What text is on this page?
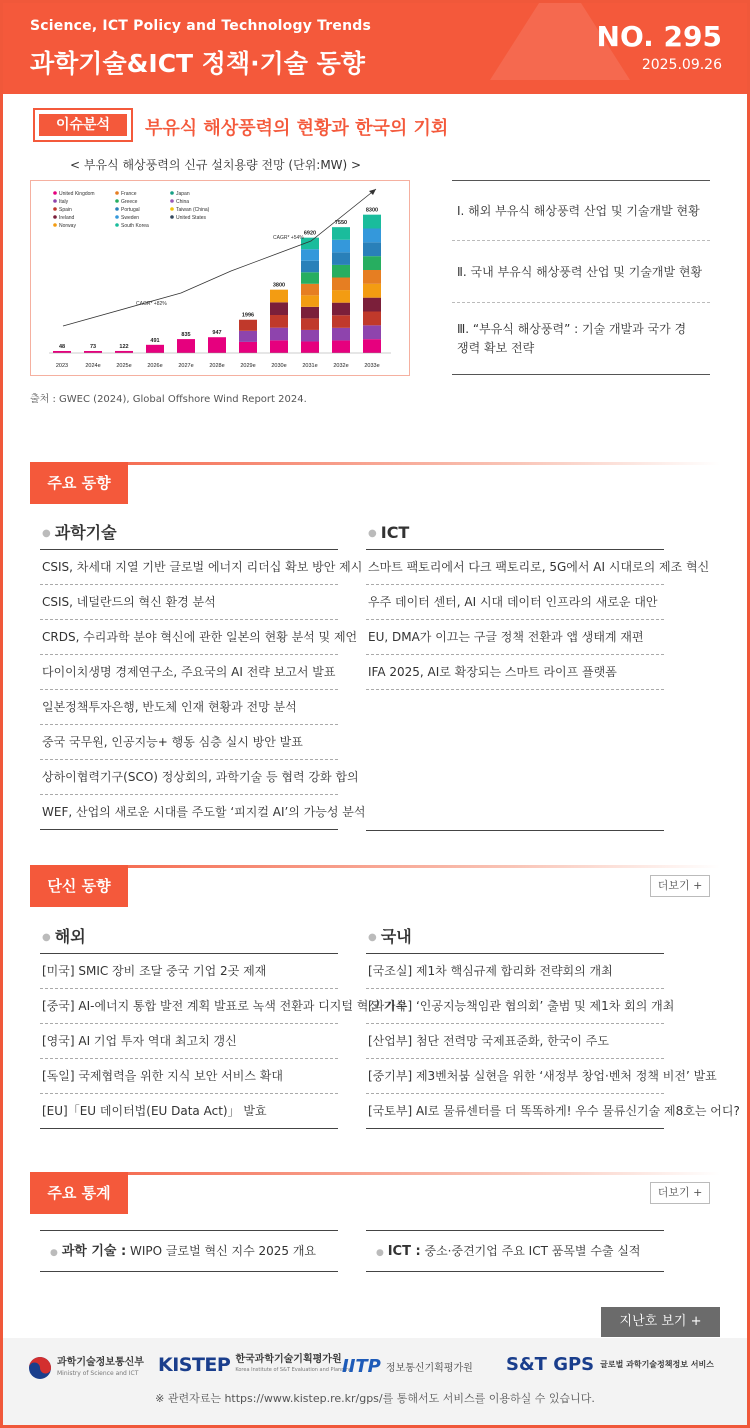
Science, ICT Policy and Technology Trends
과학기술&ICT 정책·기술 동향
NO. 295
2025.09.26
이슈분석	부유식 해상풍력의 현황과 한국의 기회
< 부유식 해상풍력의 신규 설치용량 전망 (단위:MW) >
United Kingdom
Italy
Spain
Ireland
Norway
France
Greece
Portugal
Sweden
South Korea
Japan
China
Taiwan (China)
United States
48
2023
73
2024e
122
2025e
491
2026e
835
2027e
947
2028e
1996
2029e
3800
2030e
6920
2031e
7550
2032e
8300
2033e
CAGR* +82%
CAGR* +54%
출처 : GWEC (2024), Global Offshore Wind Report 2024.
Ⅰ. 해외 부유식 해상풍력 산업 및 기술개발 현황
Ⅱ. 국내 부유식 해상풍력 산업 및 기술개발 현황
Ⅲ. “부유식 해상풍력” : 기술 개발과 국가 경쟁력 확보 전략
주요 동향
● 과학기술
CSIS, 차세대 지열 기반 글로벌 에너지 리더십 확보 방안 제시
CSIS, 네덜란드의 혁신 환경 분석
CRDS, 수리과학 분야 혁신에 관한 일본의 현황 분석 및 제언
다이이치생명 경제연구소, 주요국의 AI 전략 보고서 발표
일본정책투자은행, 반도체 인재 현황과 전망 분석
중국 국무원, 인공지능+ 행동 심층 실시 방안 발표
상하이협력기구(SCO) 정상회의, 과학기술 등 협력 강화 합의
WEF, 산업의 새로운 시대를 주도할 ‘피지컬 AI’의 가능성 분석
● ICT
스마트 팩토리에서 다크 팩토리로, 5G에서 AI 시대로의 제조 혁신
우주 데이터 센터, AI 시대 데이터 인프라의 새로운 대안
EU, DMA가 이끄는 구글 정책 전환과 앱 생태계 재편
IFA 2025, AI로 확장되는 스마트 라이프 플랫폼
단신 동향	더보기 +
● 해외
[미국] SMIC 장비 조달 중국 기업 2곳 제재
[중국] AI-에너지 통합 발전 계획 발표로 녹색 전환과 디지털 혁신 가속
[영국] AI 기업 투자 역대 최고치 갱신
[독일] 국제협력을 위한 지식 보안 서비스 확대
[EU]「EU 데이터법(EU Data Act)」 발효
● 국내
[국조실] 제1차 핵심규제 합리화 전략회의 개최
[과기부] ‘인공지능책임관 협의회’ 출범 및 제1차 회의 개최
[산업부] 첨단 전력망 국제표준화, 한국이 주도
[중기부] 제3벤처붐 실현을 위한 ‘새정부 창업·벤처 정책 비전’ 발표
[국토부] AI로 물류센터를 더 똑똑하게! 우수 물류신기술 제8호는 어디?
주요 통계	더보기 +
● 과학 기술 : WIPO 글로벌 혁신 지수 2025 개요	● ICT : 중소·중견기업 주요 ICT 품목별 수출 실적
지난호 보기 +
과학기술정보통신부
Ministry of Science and ICT KISTEP 한국과학기술기획평가원
Korea Institute of S&T Evaluation and Planning
IITP 정보통신기획평가원 S&T GPS 글로벌 과학기술정책정보 서비스
※ 관련자료는 https://www.kistep.re.kr/gps/를 통해서도 서비스를 이용하실 수 있습니다.
